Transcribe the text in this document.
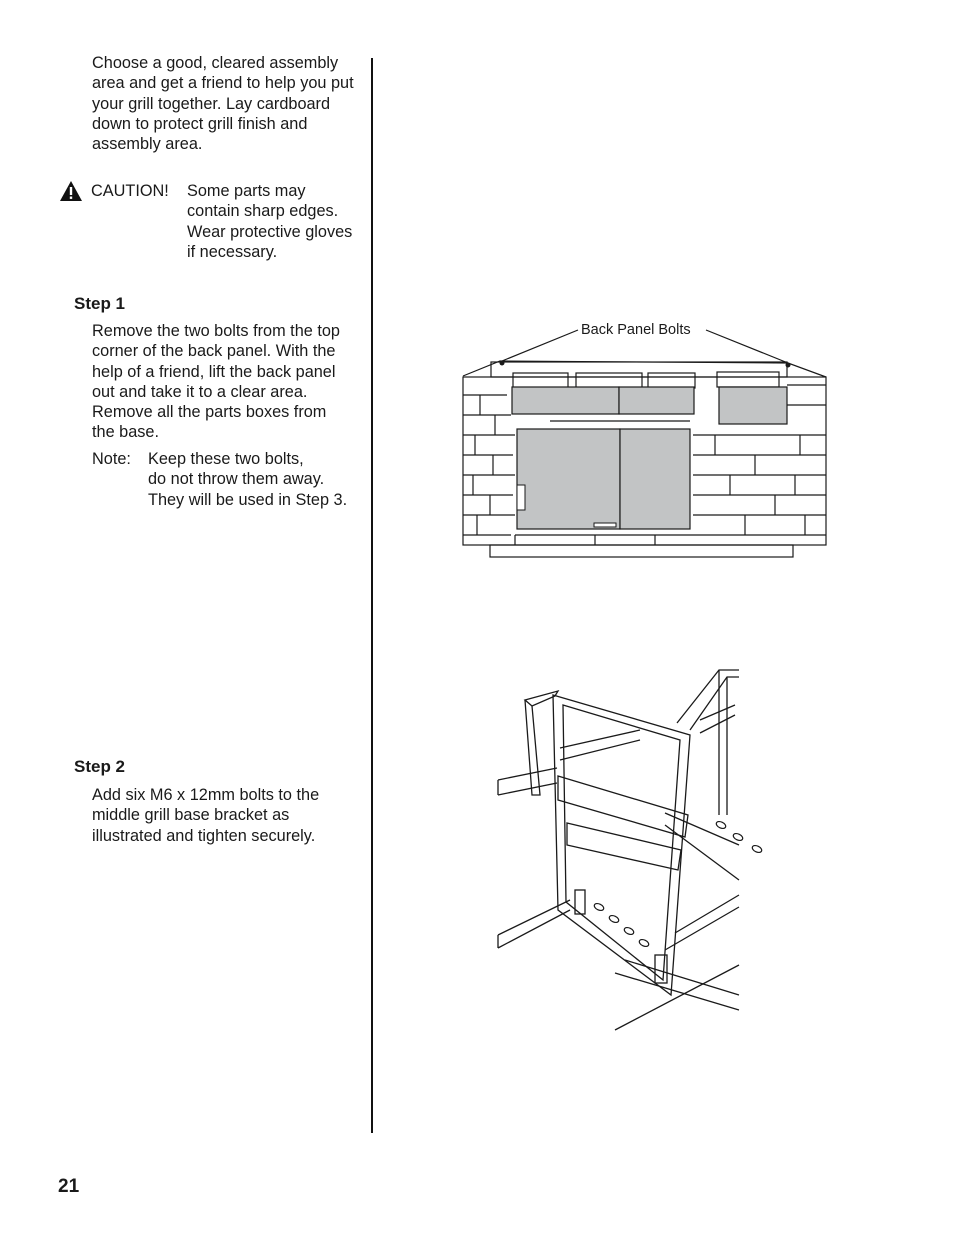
Choose a good, cleared assembly
area and get a friend to help you put
your grill together. Lay cardboard
down to protect grill finish and
assembly area.
CAUTION! Some parts may
contain sharp edges.
Wear protective gloves
if necessary.
Step 1
Remove the two bolts from the top
corner of the back panel. With the
help of a friend, lift the back panel
out and take it to a clear area.
Remove all the parts boxes from
the base.
Note: Keep these two bolts,
do not throw them away.
They will be used in Step 3.
Step 2
Add six M6 x 12mm bolts to the
middle grill base bracket as
illustrated and tighten securely.
21
Back Panel Bolts
